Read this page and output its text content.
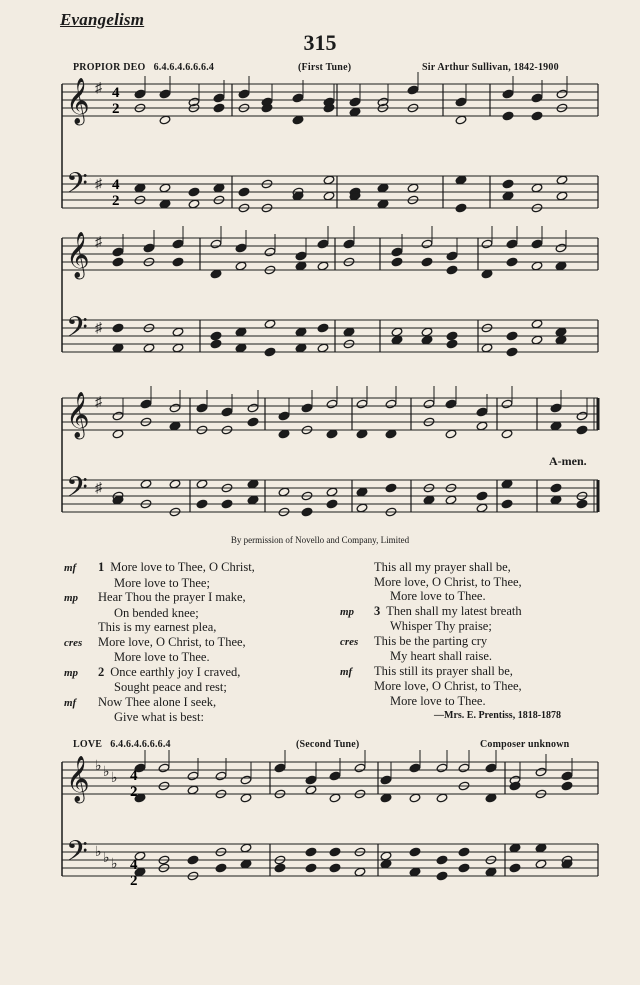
Evangelism
315
PROPIOR DEO 6.4.6.4.6.6.6.4	(First Tune)	Sir Arthur Sullivan, 1842-1900
𝄞
𝄢
♯
♯
𝄞
𝄢
♯
♯
𝄞
𝄢
♯
♯
𝄞
𝄢
♭
♭
♭
♭
♭
♭
4
2
4
2
4
2
4
2
A-men.
By permission of Novello and Company, Limited
mf 1 More love to Thee, O Christ,
More love to Thee;
mp Hear Thou the prayer I make,
On bended knee;
This is my earnest plea,
cres More love, O Christ, to Thee,
More love to Thee.
mp 2 Once earthly joy I craved,
Sought peace and rest;
mf Now Thee alone I seek,
Give what is best:
This all my prayer shall be,
More love, O Christ, to Thee,
More love to Thee.
mp 3 Then shall my latest breath
Whisper Thy praise;
cres This be the parting cry
My heart shall raise.
mf This still its prayer shall be,
More love, O Christ, to Thee,
More love to Thee.
—Mrs. E. Prentiss, 1818-1878
LOVE 6.4.6.4.6.6.6.4	(Second Tune)	Composer unknown
